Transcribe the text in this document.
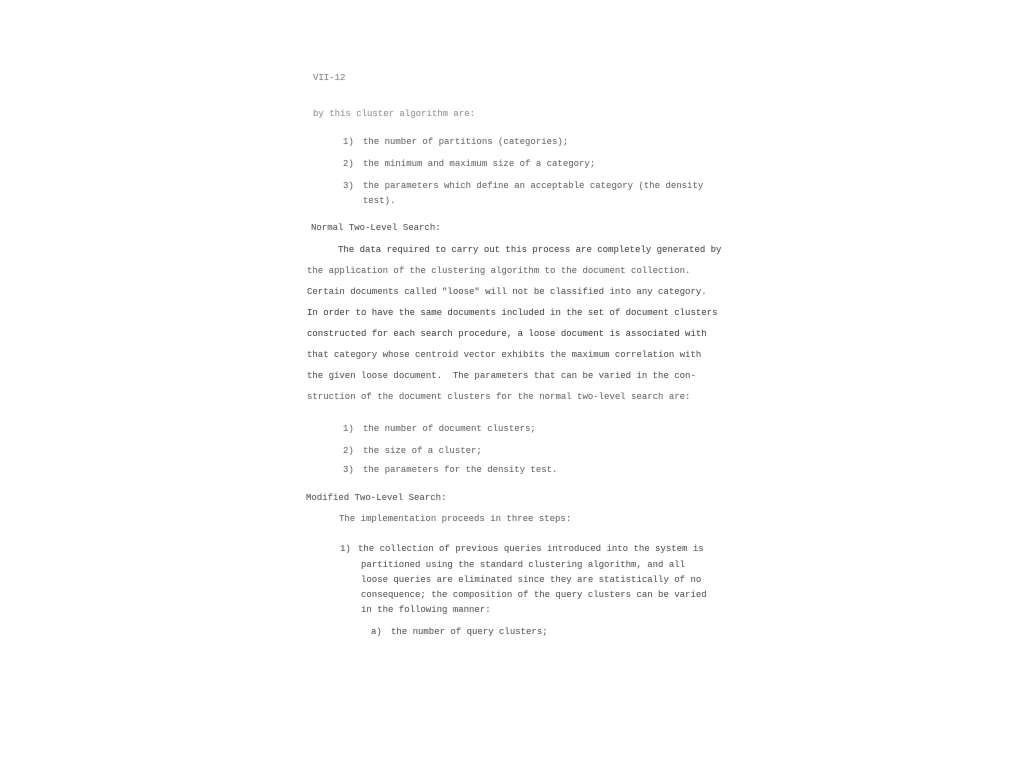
VII-12
by this cluster algorithm are:
1) the number of partitions (categories);
2) the minimum and maximum size of a category;
3) the parameters which define an acceptable category (the density
test).
Normal Two-Level Search:
The data required to carry out this process are completely generated by
the application of the clustering algorithm to the document collection.
Certain documents called "loose" will not be classified into any category.
In order to have the same documents included in the set of document clusters
constructed for each search procedure, a loose document is associated with
that category whose centroid vector exhibits the maximum correlation with
the given loose document.  The parameters that can be varied in the con-
struction of the document clusters for the normal two-level search are:
1) the number of document clusters;
2) the size of a cluster;
3) the parameters for the density test.
Modified Two-Level Search:
The implementation proceeds in three steps:
1) the collection of previous queries introduced into the system is
partitioned using the standard clustering algorithm, and all
loose queries are eliminated since they are statistically of no
consequence; the composition of the query clusters can be varied
in the following manner:
a) the number of query clusters;
